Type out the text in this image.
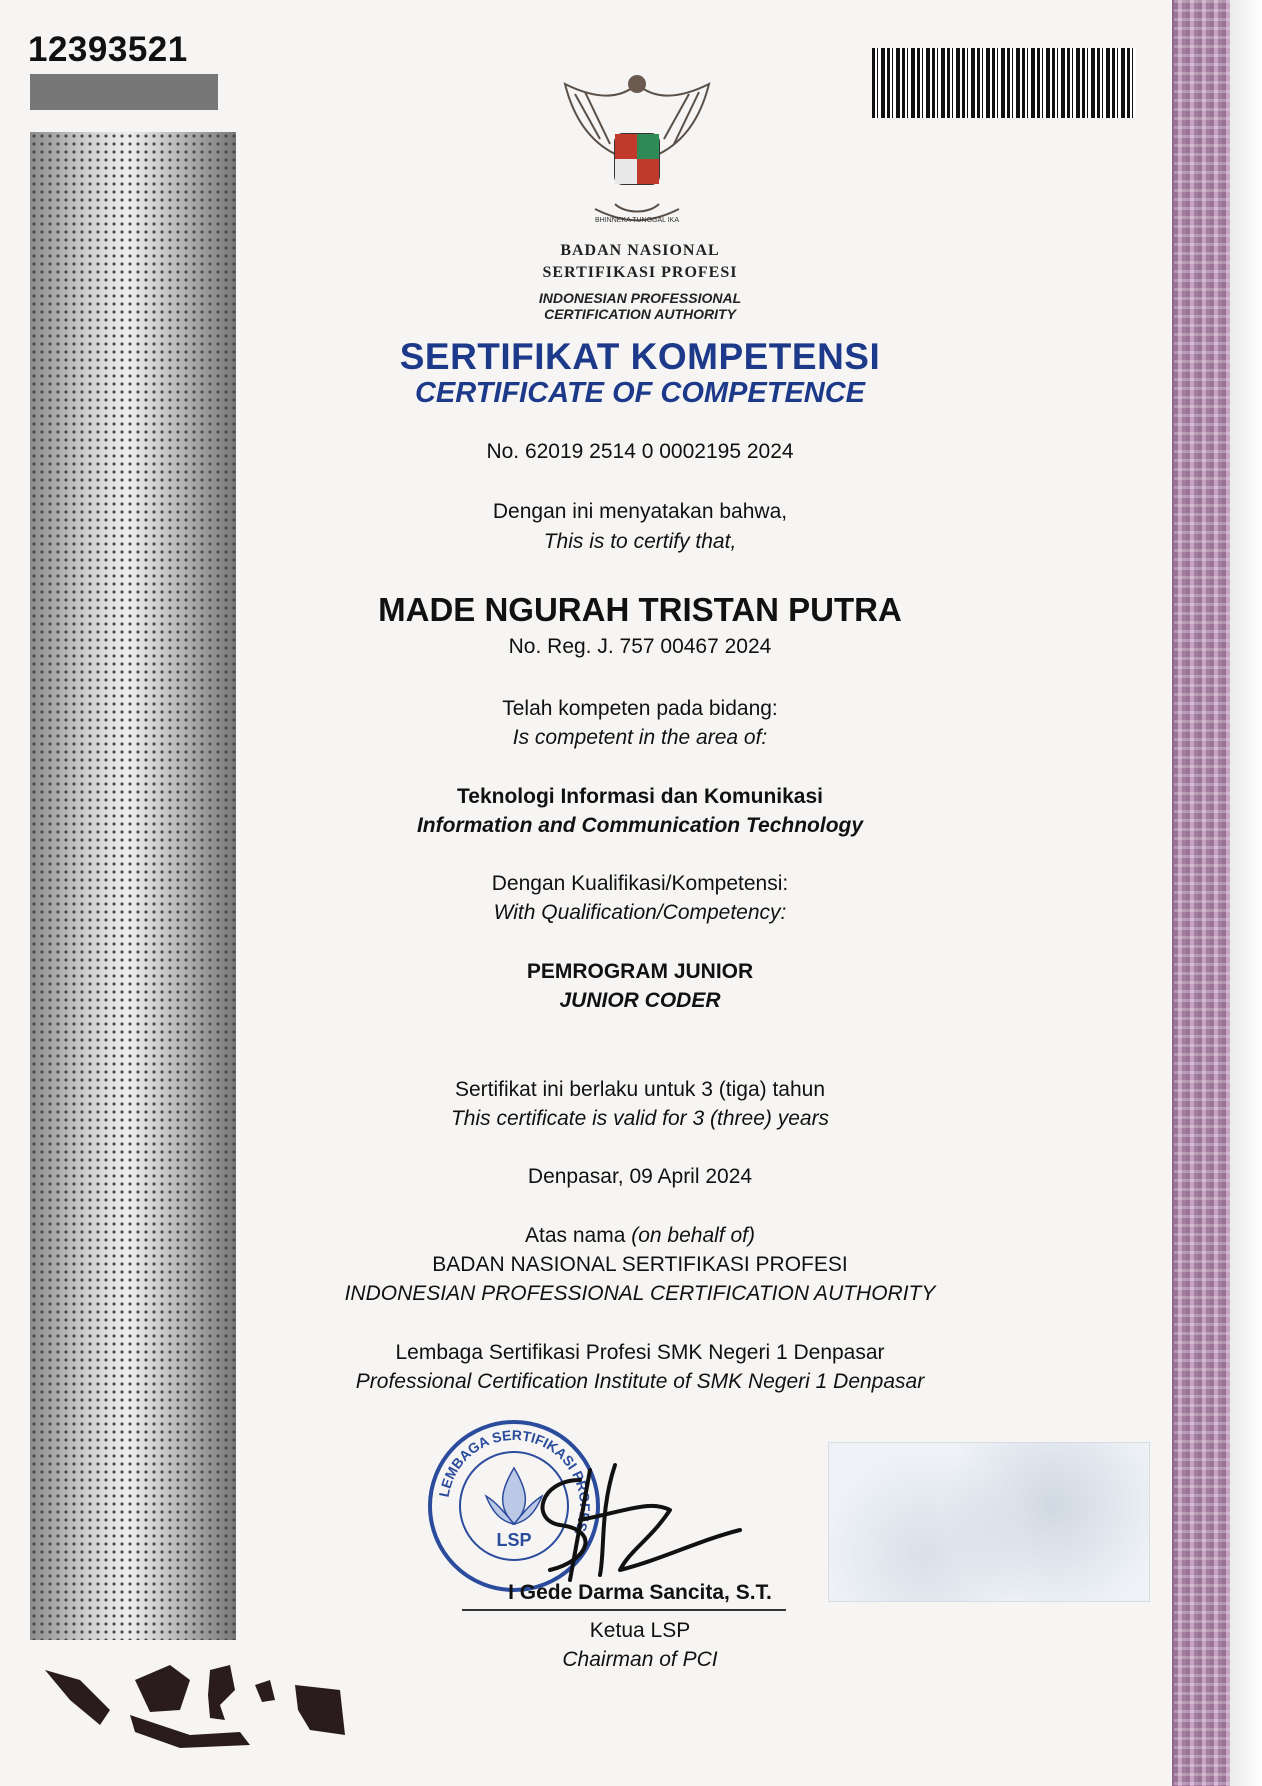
12393521
BHINNEKA TUNGGAL IKA
BADAN NASIONAL
SERTIFIKASI PROFESI
INDONESIAN PROFESSIONAL
CERTIFICATION AUTHORITY
SERTIFIKAT KOMPETENSI
CERTIFICATE OF COMPETENCE
No. 62019 2514 0 0002195 2024
Dengan ini menyatakan bahwa,
This is to certify that,
MADE NGURAH TRISTAN PUTRA
No. Reg. J. 757 00467 2024
Telah kompeten pada bidang:
Is competent in the area of:
Teknologi Informasi dan Komunikasi
Information and Communication Technology
Dengan Kualifikasi/Kompetensi:
With Qualification/Competency:
PEMROGRAM JUNIOR
JUNIOR CODER
Sertifikat ini berlaku untuk 3 (tiga) tahun
This certificate is valid for 3 (three) years
Denpasar, 09 April 2024
Atas nama (on behalf of)
BADAN NASIONAL SERTIFIKASI PROFESI
INDONESIAN PROFESSIONAL CERTIFICATION AUTHORITY
Lembaga Sertifikasi Profesi SMK Negeri 1 Denpasar
Professional Certification Institute of SMK Negeri 1 Denpasar
LEMBAGA SERTIFIKASI PROFESI
LSP
I Gede Darma Sancita, S.T.
Ketua LSP
Chairman of PCI
